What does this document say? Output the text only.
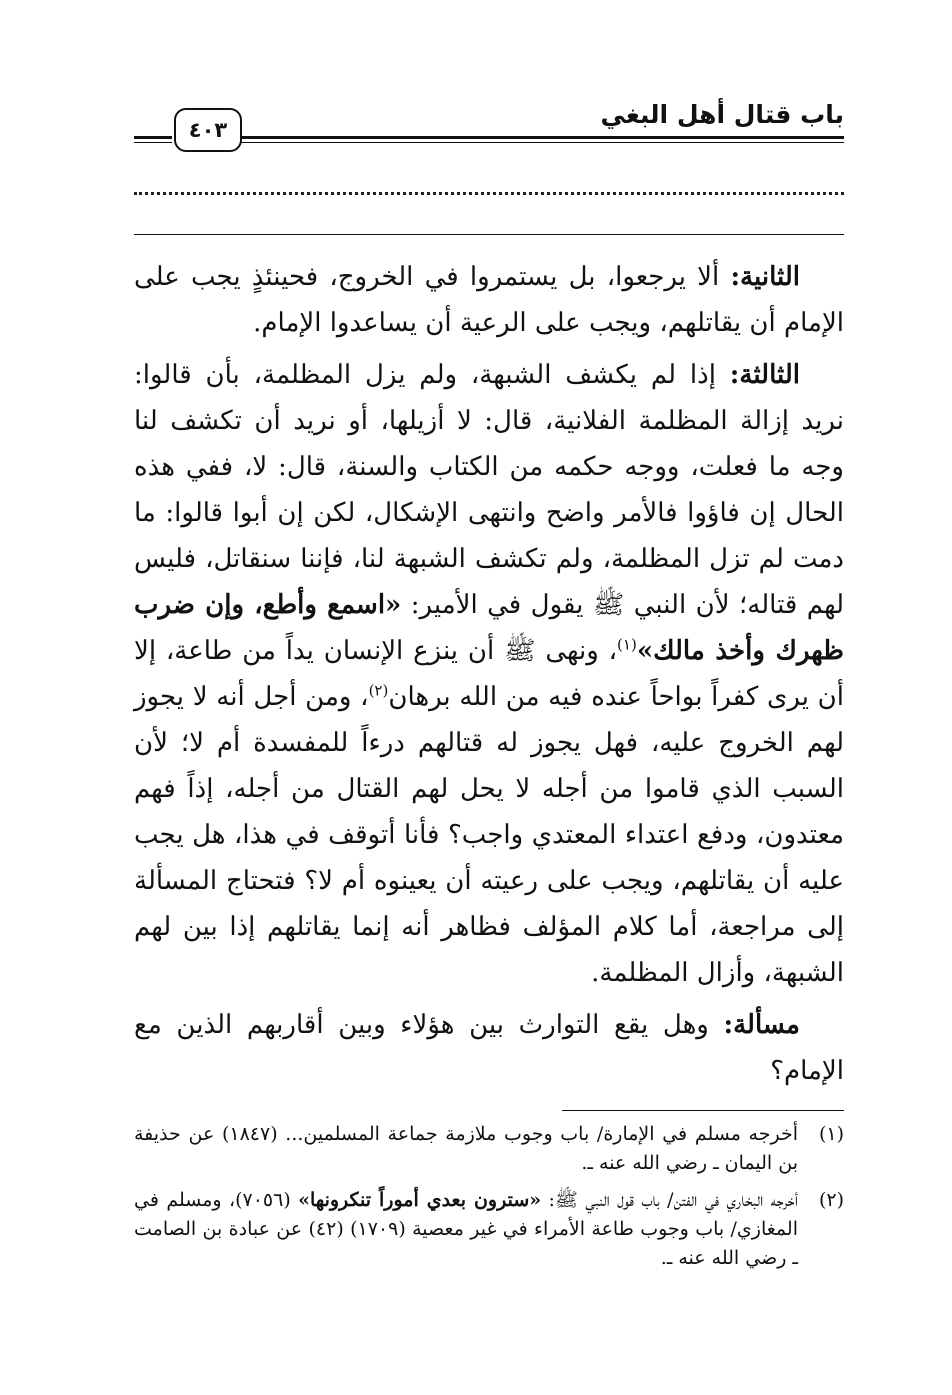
باب قتال أهل البغي
٤٠٣

الثانية: ألا يرجعوا، بل يستمروا في الخروج، فحينئذٍ يجب على الإمام أن يقاتلهم، ويجب على الرعية أن يساعدوا الإمام.

الثالثة: إذا لم يكشف الشبهة، ولم يزل المظلمة، بأن قالوا: نريد إزالة المظلمة الفلانية، قال: لا أزيلها، أو نريد أن تكشف لنا وجه ما فعلت، ووجه حكمه من الكتاب والسنة، قال: لا، ففي هذه الحال إن فاؤوا فالأمر واضح وانتهى الإشكال، لكن إن أبوا قالوا: ما دمت لم تزل المظلمة، ولم تكشف الشبهة لنا، فإننا سنقاتل، فليس لهم قتاله؛ لأن النبي ﷺ يقول في الأمير: «اسمع وأطع، وإن ضرب ظهرك وأخذ مالك»$^{(١)}$، ونهى ﷺ أن ينزع الإنسان يداً من طاعة، إلا أن يرى كفراً بواحاً عنده فيه من الله برهان$^{(٢)}$، ومن أجل أنه لا يجوز لهم الخروج عليه، فهل يجوز له قتالهم درءاً للمفسدة أم لا؛ لأن السبب الذي قاموا من أجله لا يحل لهم القتال من أجله، إذاً فهم معتدون، ودفع اعتداء المعتدي واجب؟ فأنا أتوقف في هذا، هل يجب عليه أن يقاتلهم، ويجب على رعيته أن يعينوه أم لا؟ فتحتاج المسألة إلى مراجعة، أما كلام المؤلف فظاهر أنه إنما يقاتلهم إذا بين لهم الشبهة، وأزال المظلمة.

مسألة: وهل يقع التوارث بين هؤلاء وبين أقاربهم الذين مع الإمام؟

(١)
أخرجه مسلم في الإمارة/ باب وجوب ملازمة جماعة المسلمين... (١٨٤٧) عن حذيفة بن اليمان ـ رضي الله عنه ـ.
(٢)
أخرجه البخاري في الفتن/ باب قول النبي ﷺ: «سترون بعدي أموراً تنكرونها» (٧٠٥٦)، ومسلم في المغازي/ باب وجوب طاعة الأمراء في غير معصية (١٧٠٩) (٤٢) عن عبادة بن الصامت ـ رضي الله عنه ـ.
